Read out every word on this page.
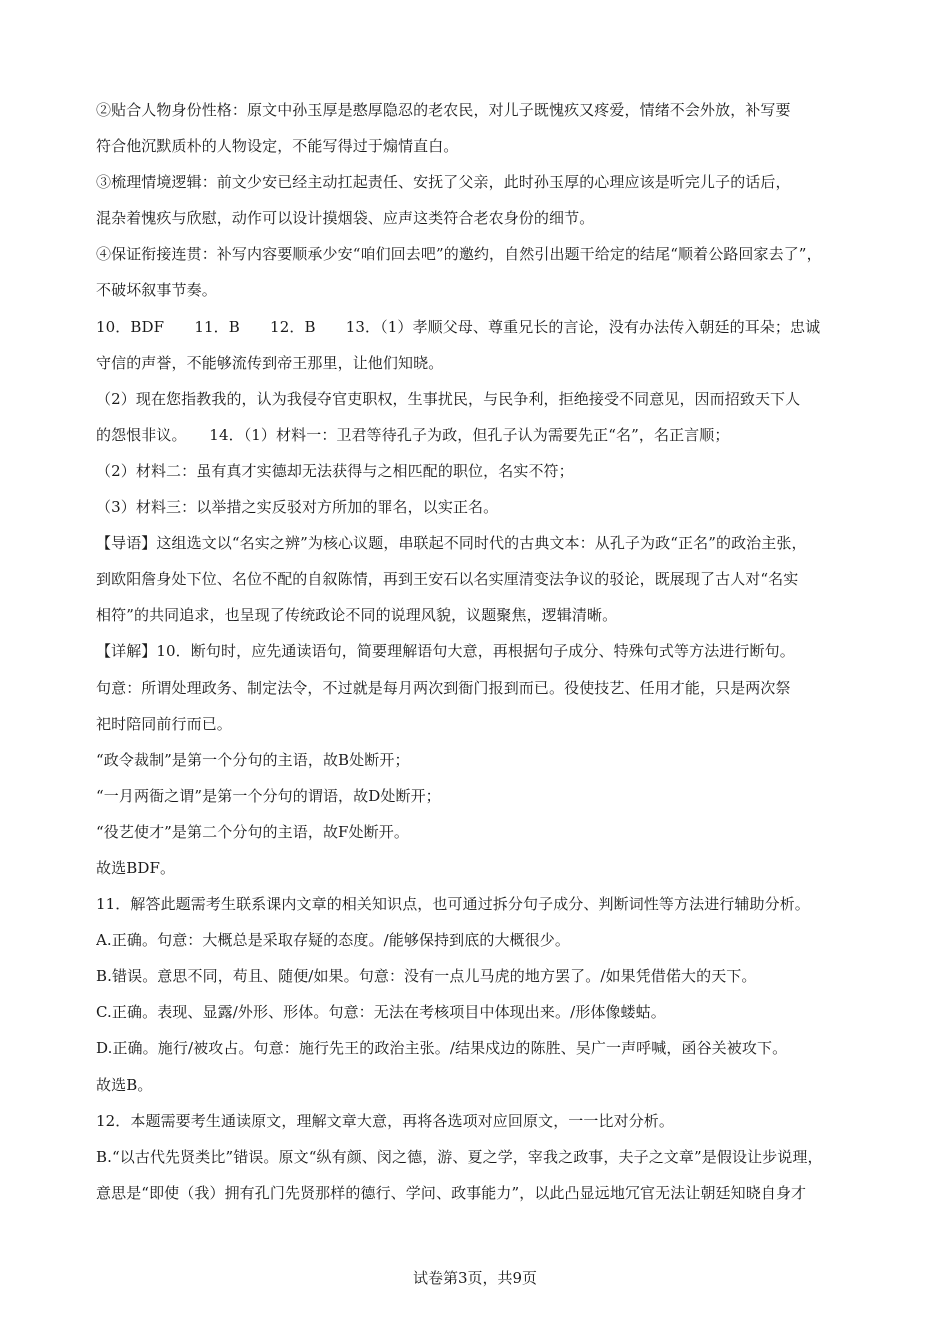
②贴合人物身份性格：原文中孙玉厚是憨厚隐忍的老农民，对儿子既愧疚又疼爱，情绪不会外放，补写要
符合他沉默质朴的人物设定，不能写得过于煽情直白。
③梳理情境逻辑：前文少安已经主动扛起责任、安抚了父亲，此时孙玉厚的心理应该是听完儿子的话后，
混杂着愧疚与欣慰，动作可以设计摸烟袋、应声这类符合老农身份的细节。
④保证衔接连贯：补写内容要顺承少安“咱们回去吧”的邀约，自然引出题干给定的结尾“顺着公路回家去了”，
不破坏叙事节奏。
10．BDF　　11．B　　12．B　　13．（1）孝顺父母、尊重兄长的言论，没有办法传入朝廷的耳朵；忠诚
守信的声誉，不能够流传到帝王那里，让他们知晓。
（2）现在您指教我的，认为我侵夺官吏职权，生事扰民，与民争利，拒绝接受不同意见，因而招致天下人
的怨恨非议。　　14．（1）材料一：卫君等待孔子为政，但孔子认为需要先正“名”，名正言顺；
（2）材料二：虽有真才实德却无法获得与之相匹配的职位，名实不符；
（3）材料三：以举措之实反驳对方所加的罪名，以实正名。
【导语】这组选文以“名实之辨”为核心议题，串联起不同时代的古典文本：从孔子为政“正名”的政治主张，
到欧阳詹身处下位、名位不配的自叙陈情，再到王安石以名实厘清变法争议的驳论，既展现了古人对“名实
相符”的共同追求，也呈现了传统政论不同的说理风貌，议题聚焦，逻辑清晰。
【详解】10．断句时，应先通读语句，简要理解语句大意，再根据句子成分、特殊句式等方法进行断句。
句意：所谓处理政务、制定法令，不过就是每月两次到衙门报到而已。役使技艺、任用才能，只是两次祭
祀时陪同前行而已。
“政令裁制”是第一个分句的主语，故B处断开；
“一月两衙之谓”是第一个分句的谓语，故D处断开；
“役艺使才”是第二个分句的主语，故F处断开。
故选BDF。
11．解答此题需考生联系课内文章的相关知识点，也可通过拆分句子成分、判断词性等方法进行辅助分析。
A.正确。句意：大概总是采取存疑的态度。/能够保持到底的大概很少。
B.错误。意思不同，苟且、随便/如果。句意：没有一点儿马虎的地方罢了。/如果凭借偌大的天下。
C.正确。表现、显露/外形、形体。句意：无法在考核项目中体现出来。/形体像蝼蛄。
D.正确。施行/被攻占。句意：施行先王的政治主张。/结果戍边的陈胜、吴广一声呼喊，函谷关被攻下。
故选B。
12．本题需要考生通读原文，理解文章大意，再将各选项对应回原文，一一比对分析。
B.“以古代先贤类比”错误。原文“纵有颜、闵之德，游、夏之学，宰我之政事，夫子之文章”是假设让步说理，
意思是“即使（我）拥有孔门先贤那样的德行、学问、政事能力”，以此凸显远地冗官无法让朝廷知晓自身才
试卷第3页，共9页
